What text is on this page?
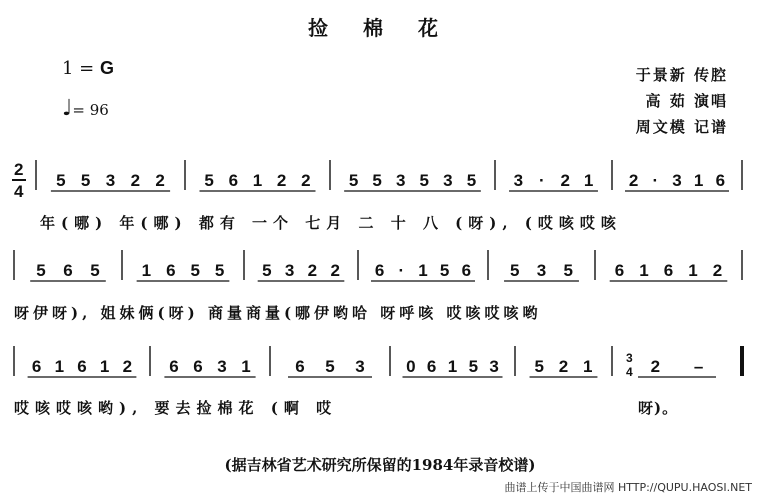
捡 棉 花
1 = G
♩= 96
于景新 传腔
高 茹 演唱
周文模 记谱
2
4
年(哪) 年(哪) 都有 一个 七月 二 十 八 (呀), (哎咳哎咳
呀伊呀), 姐妹俩(呀) 商量商量(哪伊哟哈 呀呼咳 哎咳哎咳哟
哎咳哎咳哟), 要去捡棉花 (啊 哎	呀)。
3
4
(据吉林省艺术研究所保留的1984年录音校谱)
曲谱上传于中国曲谱网 HTTP://QUPU.HAOSI.NET
5 5 3 2 2 5 6 1 2 2 5 5 3 5 3 5 3 · 2 1 2 · 3 1 6
5 6 5 1 6 5 5 5 3 2 2 6 · 1 5 6 5 3 5 6 1 6 1 2
6 1 6 1 2 6 6 3 1	6 5 3 0 6 1 5 3 5 2 1	2 –
